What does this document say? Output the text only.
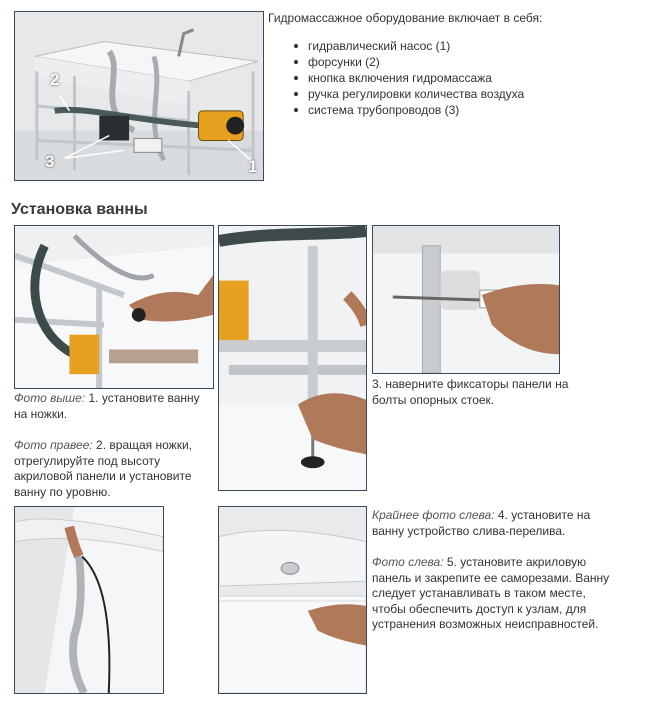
2
3	1
Гидромассажное оборудование включает в себя:
гидравлический насос (1)
форсунки (2)
кнопка включения гидромассажа
ручка регулировки количества воздуха
система трубопроводов (3)
Установка ванны

Фото выше: 1. установите ванну на ножки.

Фото правее: 2. вращая ножки, отрегулируйте под высоту акриловой панели и установите ванну по уровню.

3. наверните фиксаторы панели на болты опорных стоек.

Крайнее фото слева: 4. установите на ванну устройство слива-перелива.

Фото слева: 5. установите акриловую панель и закрепите ее саморезами. Ванну следует устанавливать в таком месте, чтобы обеспечить доступ к узлам, для устранения возможных неисправностей.
